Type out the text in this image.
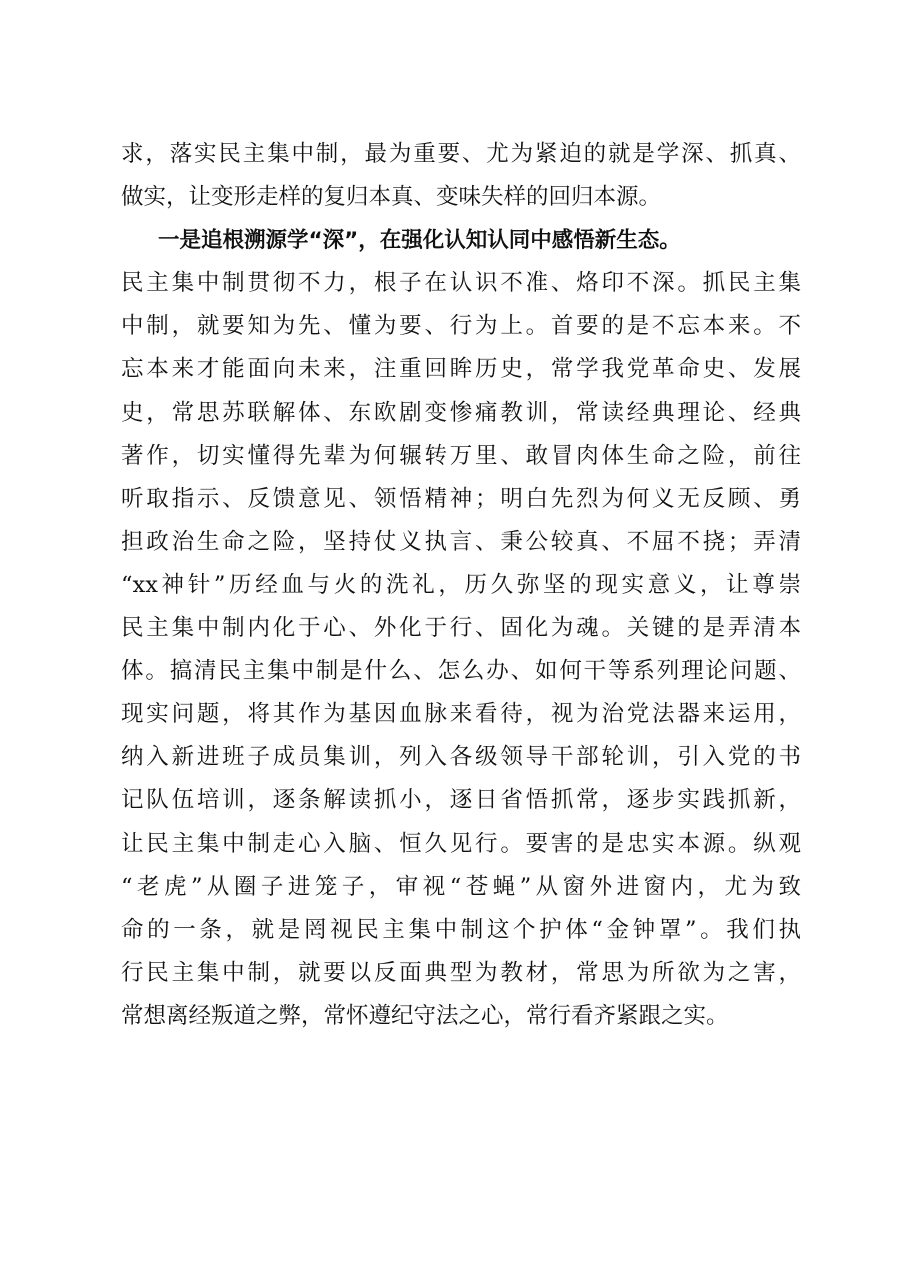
求，落实民主集中制，最为重要、尤为紧迫的就是学深、抓真、
做实，让变形走样的复归本真、变味失样的回归本源。
一是追根溯源学“深”，在强化认知认同中感悟新生态。
民主集中制贯彻不力，根子在认识不准、烙印不深。抓民主集
中制，就要知为先、懂为要、行为上。首要的是不忘本来。不
忘本来才能面向未来，注重回眸历史，常学我党革命史、发展
史，常思苏联解体、东欧剧变惨痛教训，常读经典理论、经典
著作，切实懂得先辈为何辗转万里、敢冒肉体生命之险，前往
听取指示、反馈意见、领悟精神；明白先烈为何义无反顾、勇
担政治生命之险，坚持仗义执言、秉公较真、不屈不挠；弄清
“xx神针”历经血与火的洗礼，历久弥坚的现实意义，让尊崇
民主集中制内化于心、外化于行、固化为魂。关键的是弄清本
体。搞清民主集中制是什么、怎么办、如何干等系列理论问题、
现实问题，将其作为基因血脉来看待，视为治党法器来运用，
纳入新进班子成员集训，列入各级领导干部轮训，引入党的书
记队伍培训，逐条解读抓小，逐日省悟抓常，逐步实践抓新，
让民主集中制走心入脑、恒久见行。要害的是忠实本源。纵观
“老虎”从圈子进笼子，审视“苍蝇”从窗外进窗内，尤为致
命的一条，就是罔视民主集中制这个护体“金钟罩”。我们执
行民主集中制，就要以反面典型为教材，常思为所欲为之害，
常想离经叛道之弊，常怀遵纪守法之心，常行看齐紧跟之实。
